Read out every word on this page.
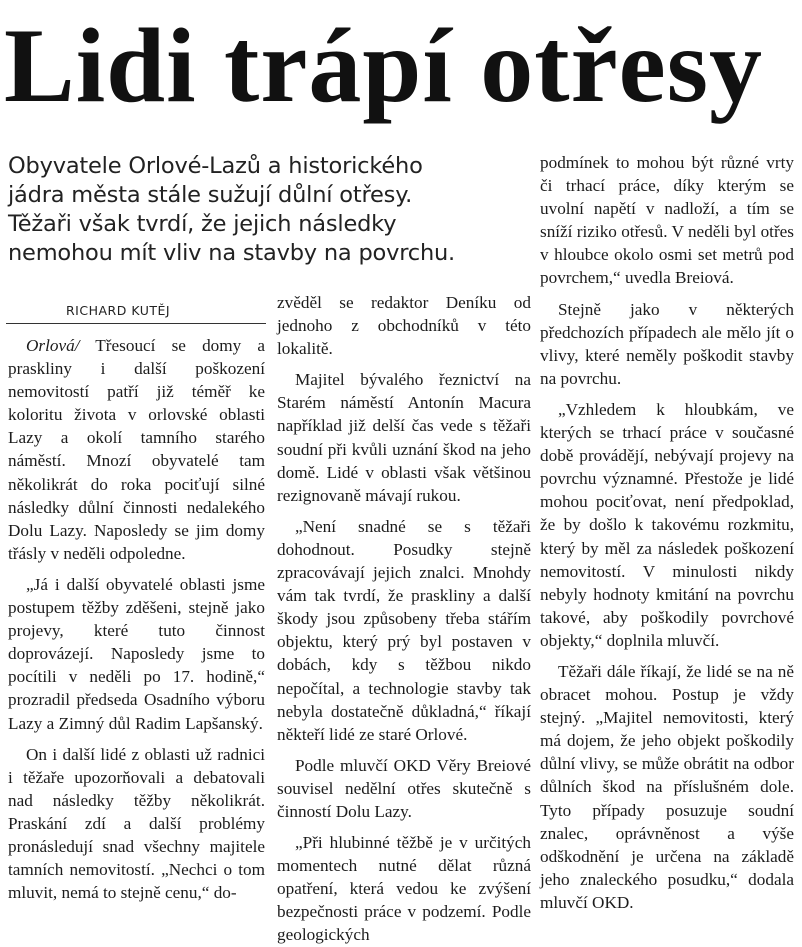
Lidi trápí otřesy
Obyvatele Orlové-Lazů a historického
jádra města stále sužují důlní otřesy.
Těžaři však tvrdí, že jejich následky
nemohou mít vliv na stavby na povrchu.
RICHARD KUTĚJ

Orlová/ Třesoucí se domy a praskliny i další poškození nemovitostí patří již téměř ke koloritu života v orlovské oblasti Lazy a okolí tamního starého náměstí. Mnozí obyvatelé tam několikrát do roka pociťují silné následky důlní činnosti nedalekého Dolu Lazy. Naposledy se jim domy třásly v neděli odpoledne.

„Já i další obyvatelé oblasti jsme postupem těžby zděšeni, stejně jako projevy, které tuto činnost doprovázejí. Naposledy jsme to pocítili v neděli po 17. hodině,“ prozradil předseda Osadního výboru Lazy a Zimný důl Radim Lapšanský.

On i další lidé z oblasti už radnici i těžaře upozorňovali a debatovali nad následky těžby několikrát. Praskání zdí a další problémy pronásledují snad všechny majitele tamních nemovitostí. „Nechci o tom mluvit, nemá to stejně cenu,“ do-

zvěděl se redaktor Deníku od jednoho z obchodníků v této lokalitě.

Majitel bývalého řeznictví na Starém náměstí Antonín Macura například již delší čas vede s těžaři soudní při kvůli uznání škod na jeho domě. Lidé v oblasti však většinou rezignovaně mávají rukou.

„Není snadné se s těžaři dohodnout. Posudky stejně zpracovávají jejich znalci. Mnohdy vám tak tvrdí, že praskliny a další škody jsou způsobeny třeba stářím objektu, který prý byl postaven v dobách, kdy s těžbou nikdo nepočítal, a technologie stavby tak nebyla dostatečně důkladná,“ říkají někteří lidé ze staré Orlové.

Podle mluvčí OKD Věry Breiové souvisel nedělní otřes skutečně s činností Dolu Lazy.

„Při hlubinné těžbě je v určitých momentech nutné dělat různá opatření, která vedou ke zvýšení bezpečnosti práce v podzemí. Podle geologických

podmínek to mohou být různé vrty či trhací práce, díky kterým se uvolní napětí v nadloží, a tím se sníží riziko otřesů. V neděli byl otřes v hloubce okolo osmi set metrů pod povrchem,“ uvedla Breiová.

Stejně jako v některých předchozích případech ale mělo jít o vlivy, které neměly poškodit stavby na povrchu.

„Vzhledem k hloubkám, ve kterých se trhací práce v současné době provádějí, nebývají projevy na povrchu významné. Přestože je lidé mohou pociťovat, není předpoklad, že by došlo k takovému rozkmitu, který by měl za následek poškození nemovitostí. V minulosti nikdy nebyly hodnoty kmitání na povrchu takové, aby poškodily povrchové objekty,“ doplnila mluvčí.

Těžaři dále říkají, že lidé se na ně obracet mohou. Postup je vždy stejný. „Majitel nemovitosti, který má dojem, že jeho objekt poškodily důlní vlivy, se může obrátit na odbor důlních škod na příslušném dole. Tyto případy posuzuje soudní znalec, oprávněnost a výše odškodnění je určena na základě jeho znaleckého posudku,“ dodala mluvčí OKD.
